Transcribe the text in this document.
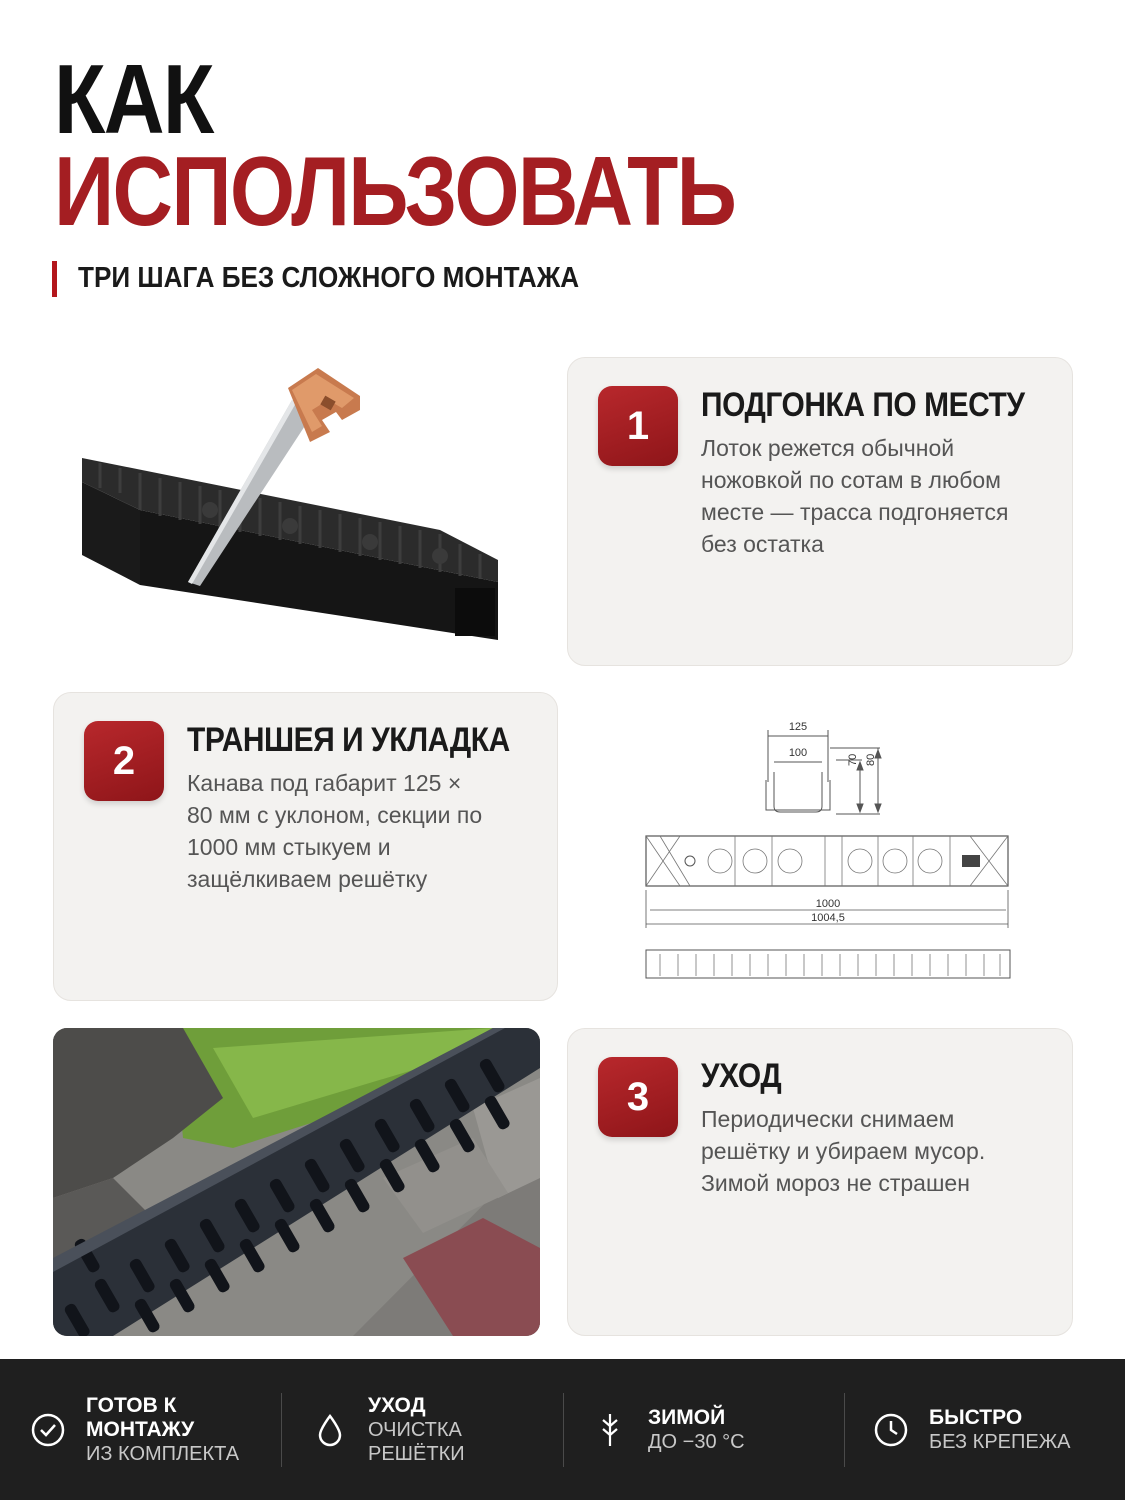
КАК
ИСПОЛЬЗОВАТЬ
ТРИ ШАГА БЕЗ СЛОЖНОГО МОНТАЖА
1	ПОДГОНКА ПО МЕСТУ
Лоток режется обычной ножовкой по сотам в любом месте — трасса подгоняется без остатка
2	ТРАНШЕЯ И УКЛАДКА
Канава под габарит 125 × 80 мм с уклоном, секции по 1000 мм стыкуем и защёлкиваем решётку
125
100
70 80
1000
1004,5
3	УХОД
Периодически снимаем решётку и убираем мусор. Зимой мороз не страшен
ГОТОВ К
МОНТАЖУ
ИЗ КОМПЛЕКТА
УХОД
ОЧИСТКА
РЕШЁТКИ
ЗИМОЙ
ДО −30 °C
БЫСТРО
БЕЗ КРЕПЕЖА
